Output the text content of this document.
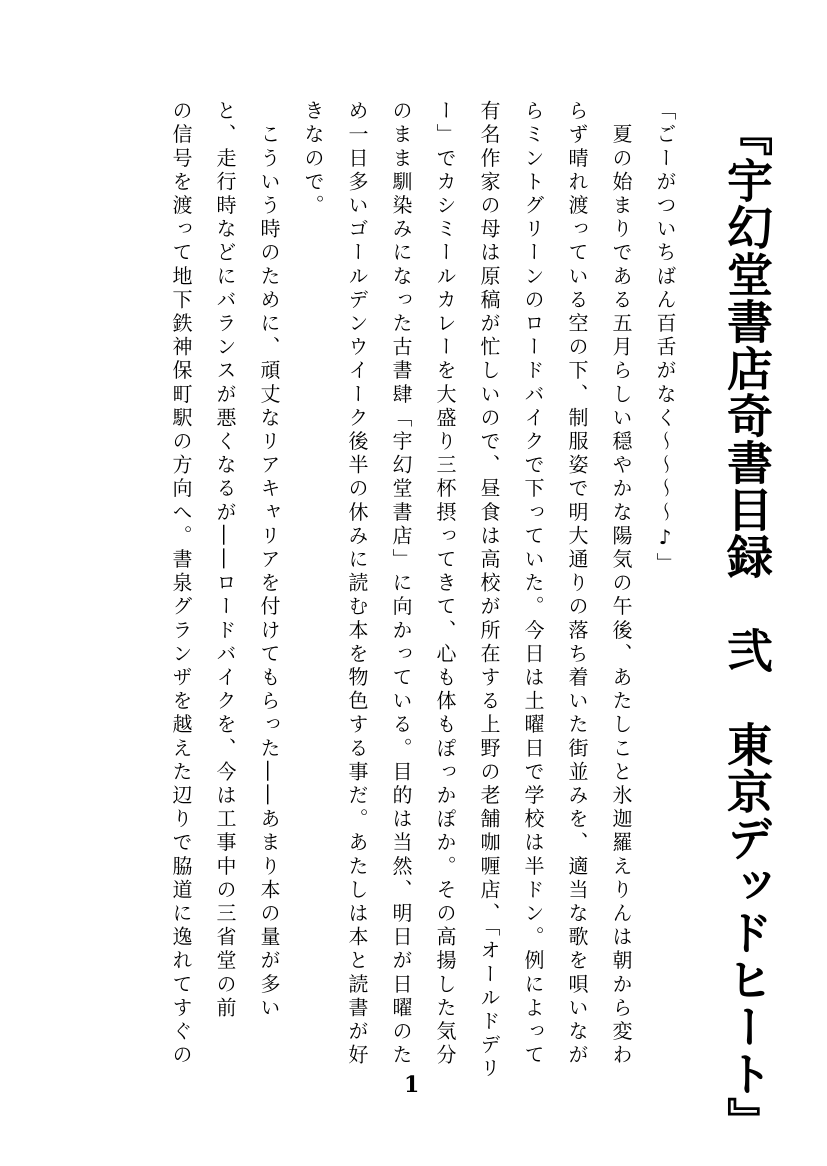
『宇幻堂書店奇書目録　弐　東京デッドヒート』

「ごーがついちばん百舌がなく～～～～♪」

　夏の始まりである五月らしい穏やかな陽気の午後、あたしこと氷迦羅えりんは朝から変わ

らず晴れ渡っている空の下、制服姿で明大通りの落ち着いた街並みを、適当な歌を唄いなが

らミントグリーンのロードバイクで下っていた。今日は土曜日で学校は半ドン。例によって

有名作家の母は原稿が忙しいので、昼食は高校が所在する上野の老舗咖喱店、「オールドデリ

ー」でカシミールカレーを大盛り三杯摂ってきて、心も体もぽっかぽか。その高揚した気分

のまま馴染みになった古書肆「宇幻堂書店」に向かっている。目的は当然、明日が日曜のた

め一日多いゴールデンウイーク後半の休みに読む本を物色する事だ。あたしは本と読書が好

きなので。

　こういう時のために、頑丈なリアキャリアを付けてもらった――あまり本の量が多い

と、走行時などにバランスが悪くなるが――ロードバイクを、今は工事中の三省堂の前

の信号を渡って地下鉄神保町駅の方向へ。書泉グランザを越えた辺りで脇道に逸れてすぐの

1
